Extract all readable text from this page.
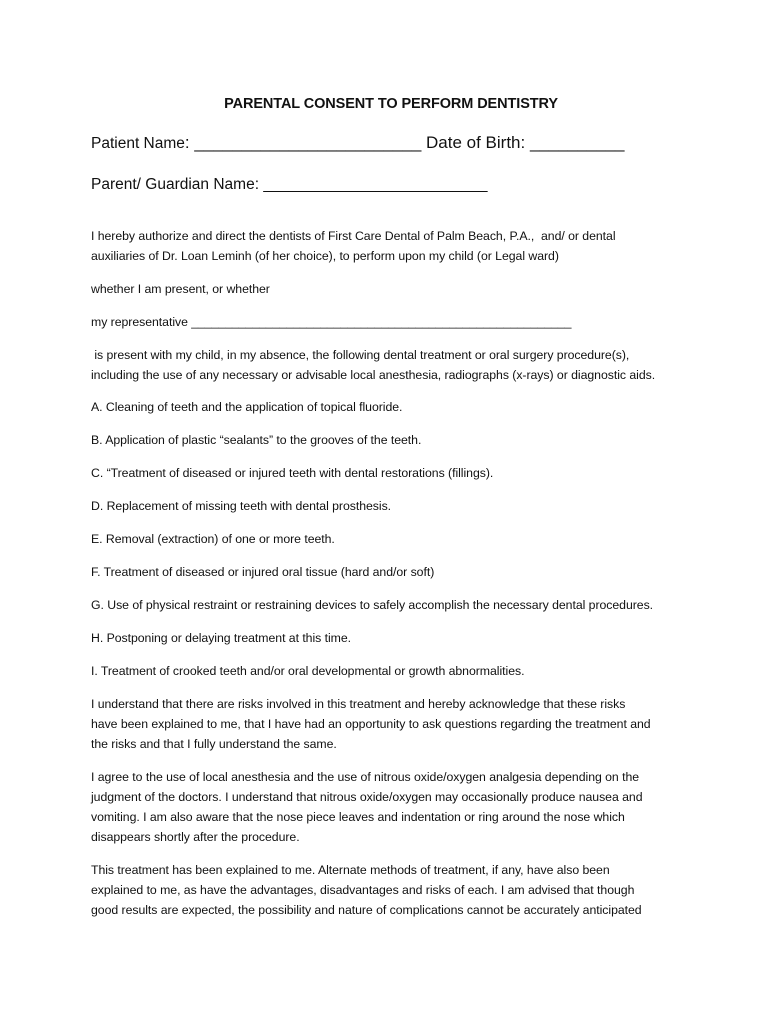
PARENTAL CONSENT TO PERFORM DENTISTRY
Patient Name: ________________________ Date of Birth: __________
Parent/ Guardian Name: __________________________

I hereby authorize and direct the dentists of First Care Dental of Palm Beach, P.A.,  and/ or dental

auxiliaries of Dr. Loan Leminh (of her choice), to perform upon my child (or Legal ward)

whether I am present, or whether

my representative ________________________________________________________

is present with my child, in my absence, the following dental treatment or oral surgery procedure(s),

including the use of any necessary or advisable local anesthesia, radiographs (x-rays) or diagnostic aids.

A. Cleaning of teeth and the application of topical fluoride.

B. Application of plastic “sealants” to the grooves of the teeth.

C. “Treatment of diseased or injured teeth with dental restorations (fillings).

D. Replacement of missing teeth with dental prosthesis.

E. Removal (extraction) of one or more teeth.

F. Treatment of diseased or injured oral tissue (hard and/or soft)

G. Use of physical restraint or restraining devices to safely accomplish the necessary dental procedures.

H. Postponing or delaying treatment at this time.

I. Treatment of crooked teeth and/or oral developmental or growth abnormalities.

I understand that there are risks involved in this treatment and hereby acknowledge that these risks

have been explained to me, that I have had an opportunity to ask questions regarding the treatment and

the risks and that I fully understand the same.

I agree to the use of local anesthesia and the use of nitrous oxide/oxygen analgesia depending on the

judgment of the doctors. I understand that nitrous oxide/oxygen may occasionally produce nausea and

vomiting. I am also aware that the nose piece leaves and indentation or ring around the nose which

disappears shortly after the procedure.

This treatment has been explained to me. Alternate methods of treatment, if any, have also been

explained to me, as have the advantages, disadvantages and risks of each. I am advised that though

good results are expected, the possibility and nature of complications cannot be accurately anticipated
